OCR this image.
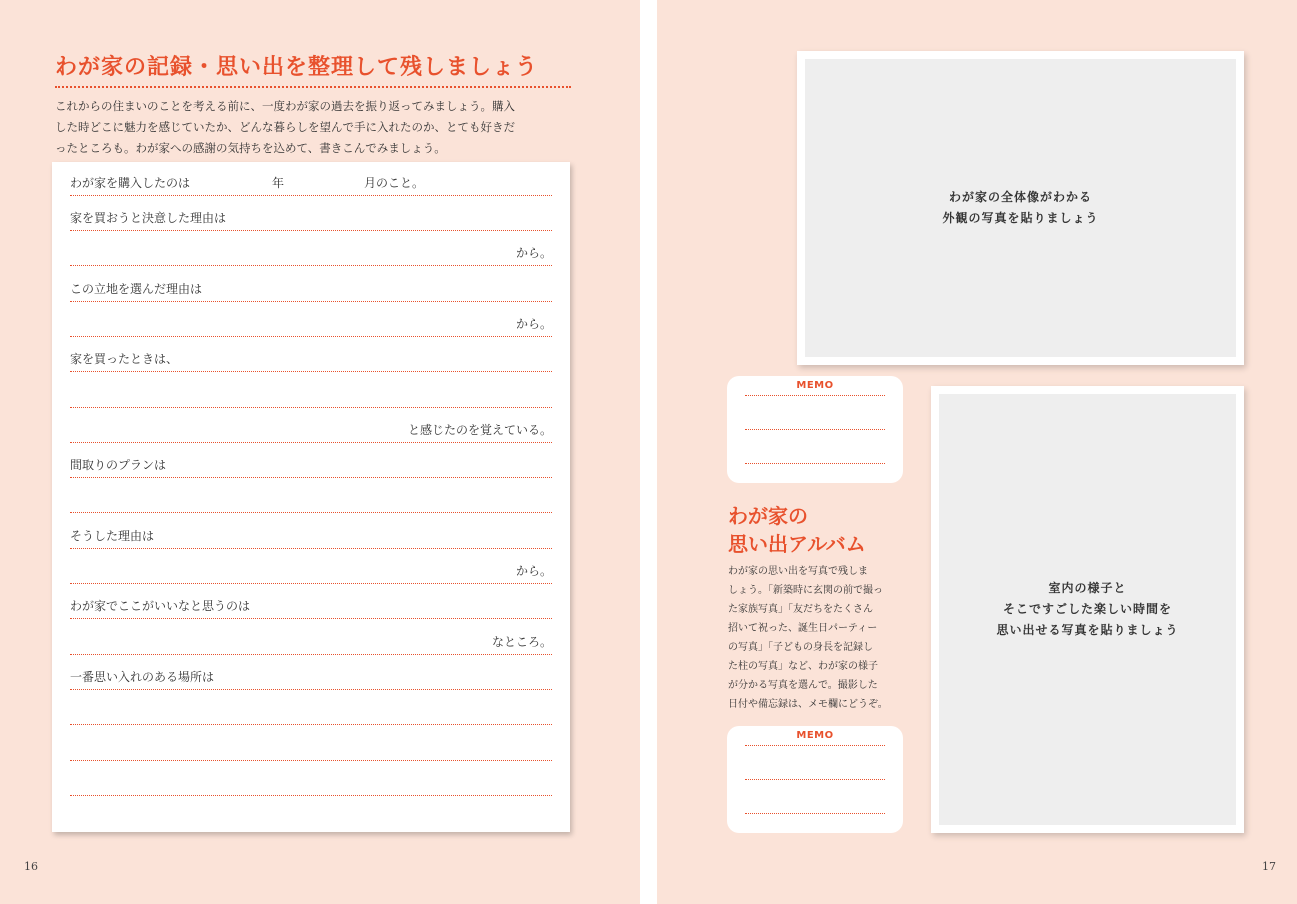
わが家の記録・思い出を整理して残しましょう

これからの住まいのことを考える前に、一度わが家の過去を振り返ってみましょう。購入
した時どこに魅力を感じていたか、どんな暮らしを望んで手に入れたのか、とても好きだ
ったところも。わが家への感謝の気持ちを込めて、書きこんでみましょう。

わが家を購入したのは	年	月のこと。
家を買おうと決意した理由は
から。
この立地を選んだ理由は
から。
家を買ったときは、
と感じたのを覚えている。
間取りのプランは
そうした理由は
から。
わが家でここがいいなと思うのは
なところ。
一番思い入れのある場所は
16
わが家の全体像がわかる
外観の写真を貼りましょう
MEMO
わが家の
思い出アルバム

わが家の思い出を写真で残しま
しょう。「新築時に玄関の前で撮っ
た家族写真」「友だちをたくさん
招いて祝った、誕生日パーティー
の写真」「子どもの身長を記録し
た柱の写真」など、わが家の様子
が分かる写真を選んで。撮影した
日付や備忘録は、メモ欄にどうぞ。

MEMO
室内の様子と
そこですごした楽しい時間を
思い出せる写真を貼りましょう
17
